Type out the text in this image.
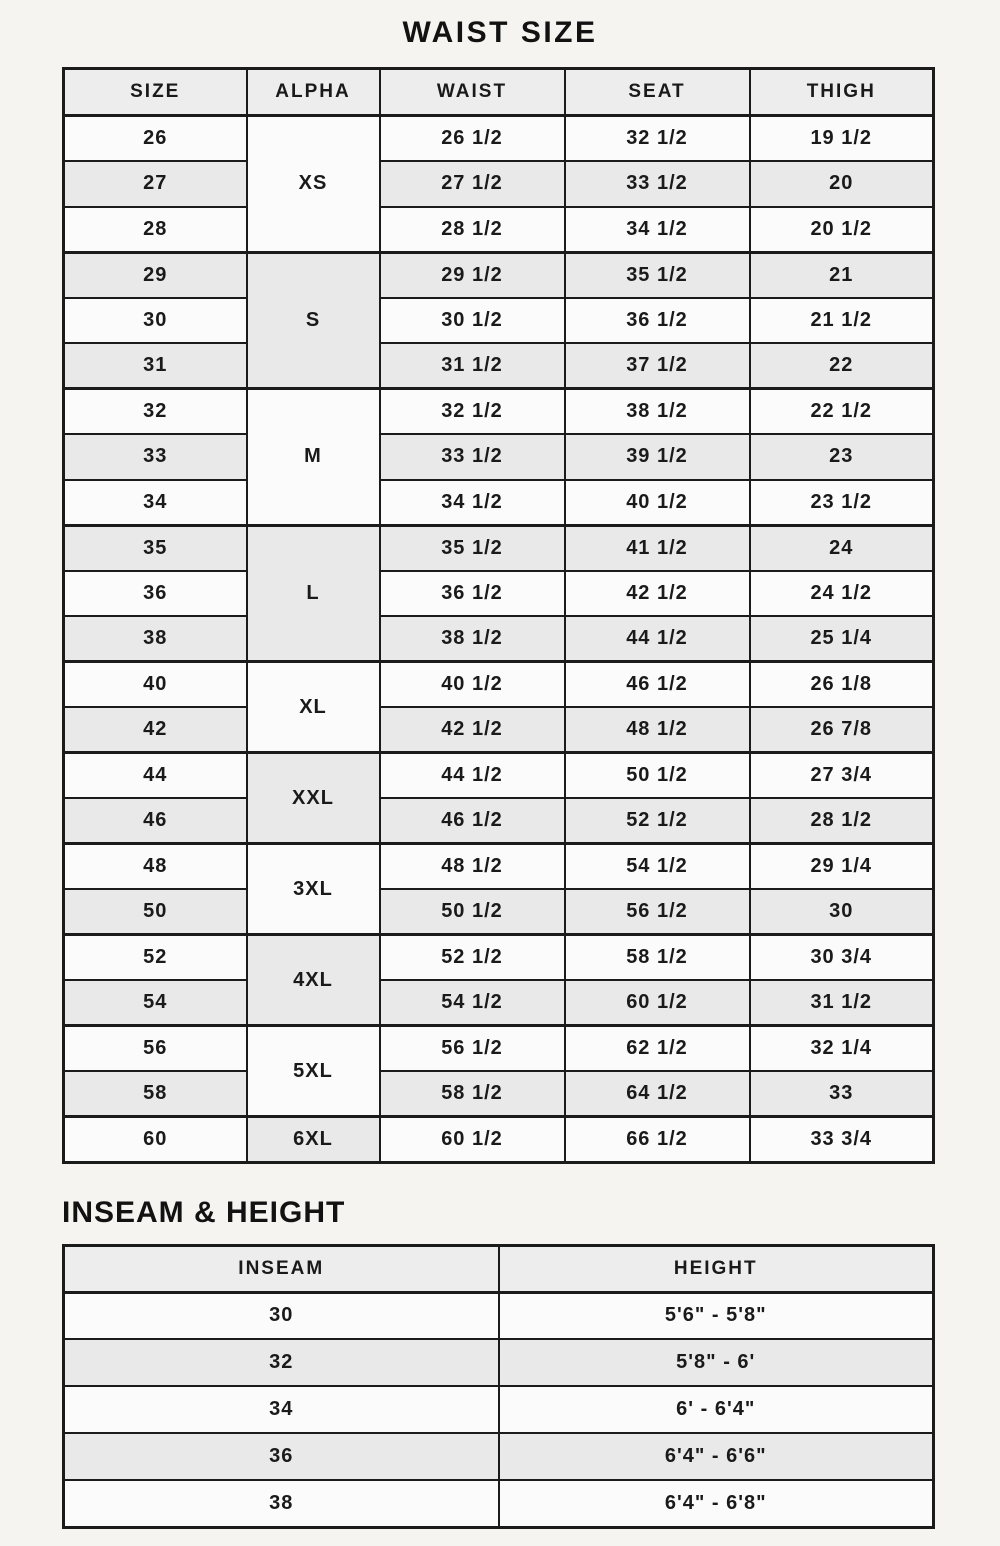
WAIST SIZE
SIZE	ALPHA	WAIST	SEAT	THIGH
26	XS	26 1/2	32 1/2	19 1/2
27		27 1/2	33 1/2	20
28		28 1/2	34 1/2	20 1/2
29	S	29 1/2	35 1/2	21
30		30 1/2	36 1/2	21 1/2
31		31 1/2	37 1/2	22
32	M	32 1/2	38 1/2	22 1/2
33		33 1/2	39 1/2	23
34		34 1/2	40 1/2	23 1/2
35	L	35 1/2	41 1/2	24
36		36 1/2	42 1/2	24 1/2
38		38 1/2	44 1/2	25 1/4
40	XL	40 1/2	46 1/2	26 1/8
42		42 1/2	48 1/2	26 7/8
44	XXL	44 1/2	50 1/2	27 3/4
46		46 1/2	52 1/2	28 1/2
48	3XL	48 1/2	54 1/2	29 1/4
50		50 1/2	56 1/2	30
52	4XL	52 1/2	58 1/2	30 3/4
54		54 1/2	60 1/2	31 1/2
56	5XL	56 1/2	62 1/2	32 1/4
58		58 1/2	64 1/2	33
60	6XL	60 1/2	66 1/2	33 3/4
INSEAM & HEIGHT
INSEAM	HEIGHT
30	5'6" - 5'8"
32	5'8" - 6'
34	6' - 6'4"
36	6'4" - 6'6"
38	6'4" - 6'8"
